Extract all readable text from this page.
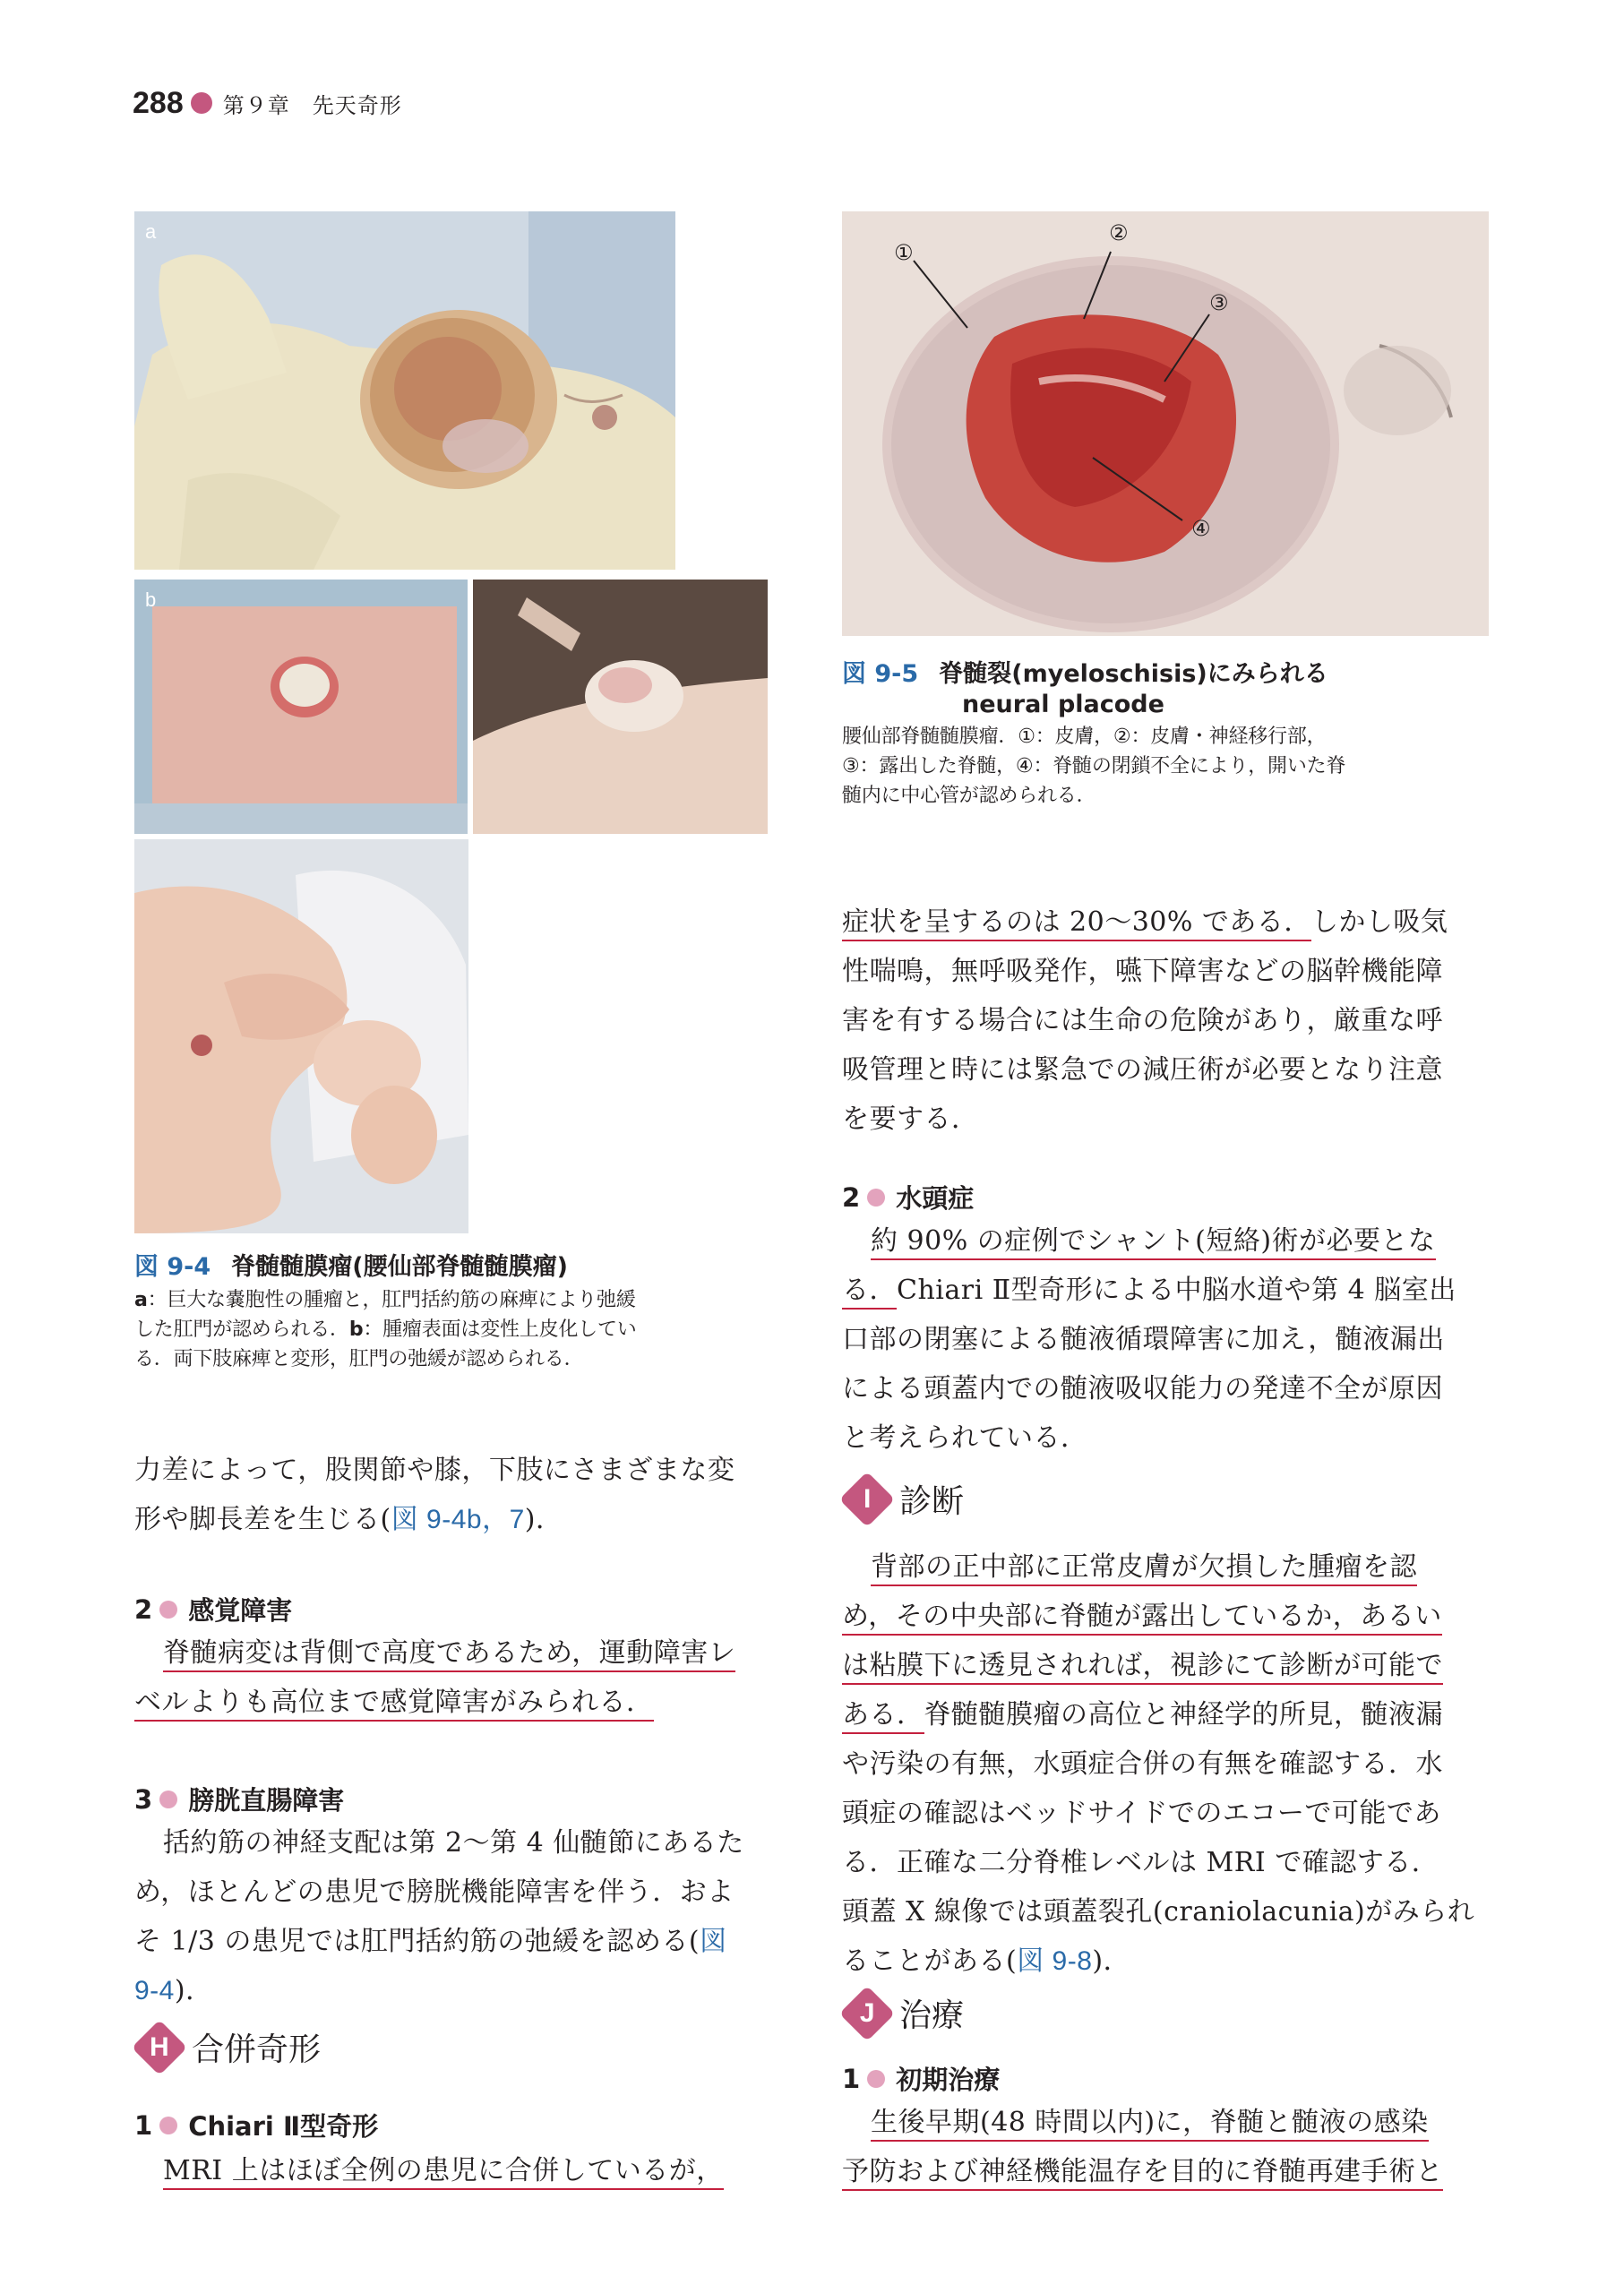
288 第９章　先天奇形
a
b
図 9-4 脊髄髄膜瘤(腰仙部脊髄髄膜瘤)
a：巨大な嚢胞性の腫瘤と，肛門括約筋の麻痺により弛緩
した肛門が認められる．b：腫瘤表面は変性上皮化してい
る．両下肢麻痺と変形，肛門の弛緩が認められる．
①
②
③
④
図 9-5 脊髄裂(myeloschisis)にみられる
neural placode
腰仙部脊髄髄膜瘤．①：皮膚，②：皮膚・神経移行部，
③：露出した脊髄，④：脊髄の閉鎖不全により，開いた脊
髄内に中心管が認められる．
力差によって，股関節や膝，下肢にさまざまな変
形や脚長差を生じる(図 9-4b，7)．
2 感覚障害
脊髄病変は背側で高度であるため，運動障害レ
ベルよりも高位まで感覚障害がみられる．
3 膀胱直腸障害
括約筋の神経支配は第 2～第 4 仙髄節にあるた
め，ほとんどの患児で膀胱機能障害を伴う．およ
そ 1/3 の患児では肛門括約筋の弛緩を認める(図
9-4)．
H 合併奇形
1 Chiari Ⅱ型奇形
MRI 上はほぼ全例の患児に合併しているが，
症状を呈するのは 20～30% である．しかし吸気
性喘鳴，無呼吸発作，嚥下障害などの脳幹機能障
害を有する場合には生命の危険があり，厳重な呼
吸管理と時には緊急での減圧術が必要となり注意
を要する．
2 水頭症
約 90% の症例でシャント(短絡)術が必要とな
る．Chiari Ⅱ型奇形による中脳水道や第 4 脳室出
口部の閉塞による髄液循環障害に加え，髄液漏出
による頭蓋内での髄液吸収能力の発達不全が原因
と考えられている．
I 診断
背部の正中部に正常皮膚が欠損した腫瘤を認
め，その中央部に脊髄が露出しているか，あるい
は粘膜下に透見されれば，視診にて診断が可能で
ある．脊髄髄膜瘤の高位と神経学的所見，髄液漏
や汚染の有無，水頭症合併の有無を確認する．水
頭症の確認はベッドサイドでのエコーで可能であ
る．正確な二分脊椎レベルは MRI で確認する．
頭蓋 X 線像では頭蓋裂孔(craniolacunia)がみられ
ることがある(図 9-8)．
J 治療
1 初期治療
生後早期(48 時間以内)に，脊髄と髄液の感染
予防および神経機能温存を目的に脊髄再建手術と
